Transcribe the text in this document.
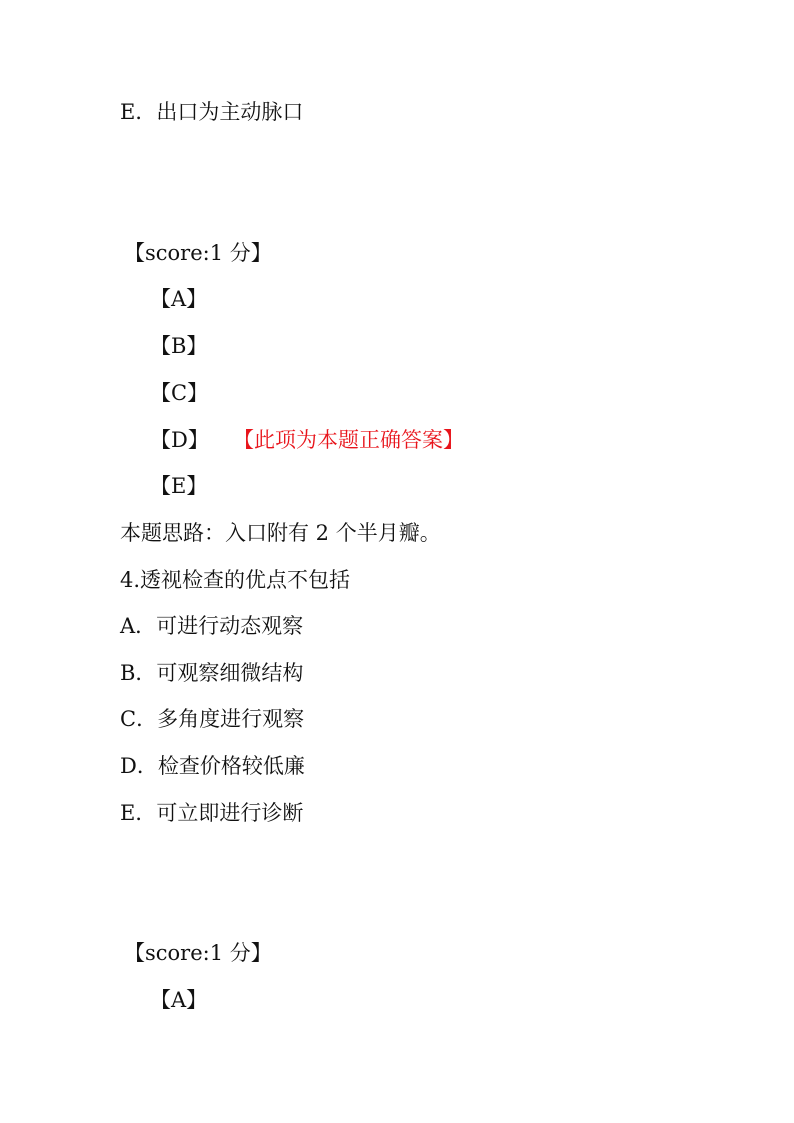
E．出口为主动脉口
【score:1 分】
【A】
【B】
【C】
【D】 【此项为本题正确答案】
【E】
本题思路：入口附有 2 个半月瓣。
4.透视检查的优点不包括
A．可进行动态观察
B．可观察细微结构
C．多角度进行观察
D．检查价格较低廉
E．可立即进行诊断
【score:1 分】
【A】
